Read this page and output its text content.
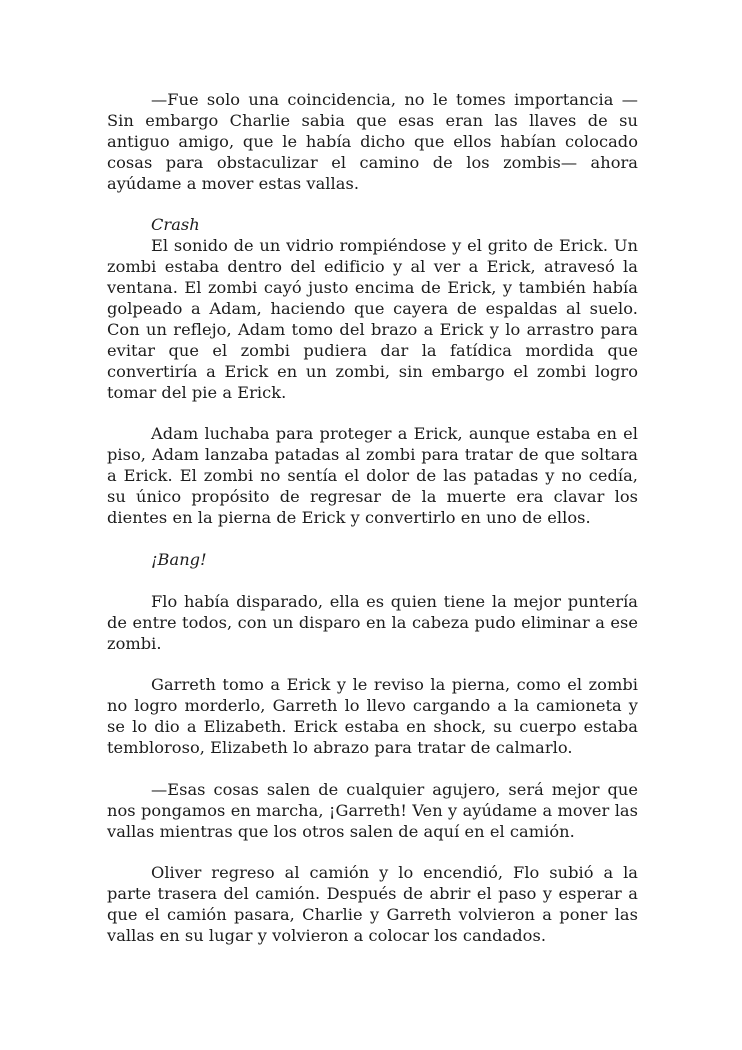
—Fue solo una coincidencia, no le tomes importancia — Sin embargo Charlie sabia que esas eran las llaves de su antiguo amigo, que le había dicho que ellos habían colocado cosas para obstaculizar el camino de los zombis— ahora ayúdame a mover estas vallas.

Crash

El sonido de un vidrio rompiéndose y el grito de Erick. Un zombi estaba dentro del edificio y al ver a Erick, atravesó la ventana. El zombi cayó justo encima de Erick, y también había golpeado a Adam, haciendo que cayera de espaldas al suelo. Con un reflejo, Adam tomo del brazo a Erick y lo arrastro para evitar que el zombi pudiera dar la fatídica mordida que convertiría a Erick en un zombi, sin embargo el zombi logro tomar del pie a Erick.

Adam luchaba para proteger a Erick, aunque estaba en el piso, Adam lanzaba patadas al zombi para tratar de que soltara a Erick. El zombi no sentía el dolor de las patadas y no cedía, su único propósito de regresar de la muerte era clavar los dientes en la pierna de Erick y convertirlo en uno de ellos.

¡Bang!

Flo había disparado, ella es quien tiene la mejor puntería de entre todos, con un disparo en la cabeza pudo eliminar a ese zombi.

Garreth tomo a Erick y le reviso la pierna, como el zombi no logro morderlo, Garreth lo llevo cargando a la camioneta y se lo dio a Elizabeth. Erick estaba en shock, su cuerpo estaba tembloroso, Elizabeth lo abrazo para tratar de calmarlo.

—Esas cosas salen de cualquier agujero, será mejor que nos pongamos en marcha, ¡Garreth! Ven y ayúdame a mover las vallas mientras que los otros salen de aquí en el camión.

Oliver regreso al camión y lo encendió, Flo subió a la parte trasera del camión. Después de abrir el paso y esperar a que el camión pasara, Charlie y Garreth volvieron a poner las vallas en su lugar y volvieron a colocar los candados.
